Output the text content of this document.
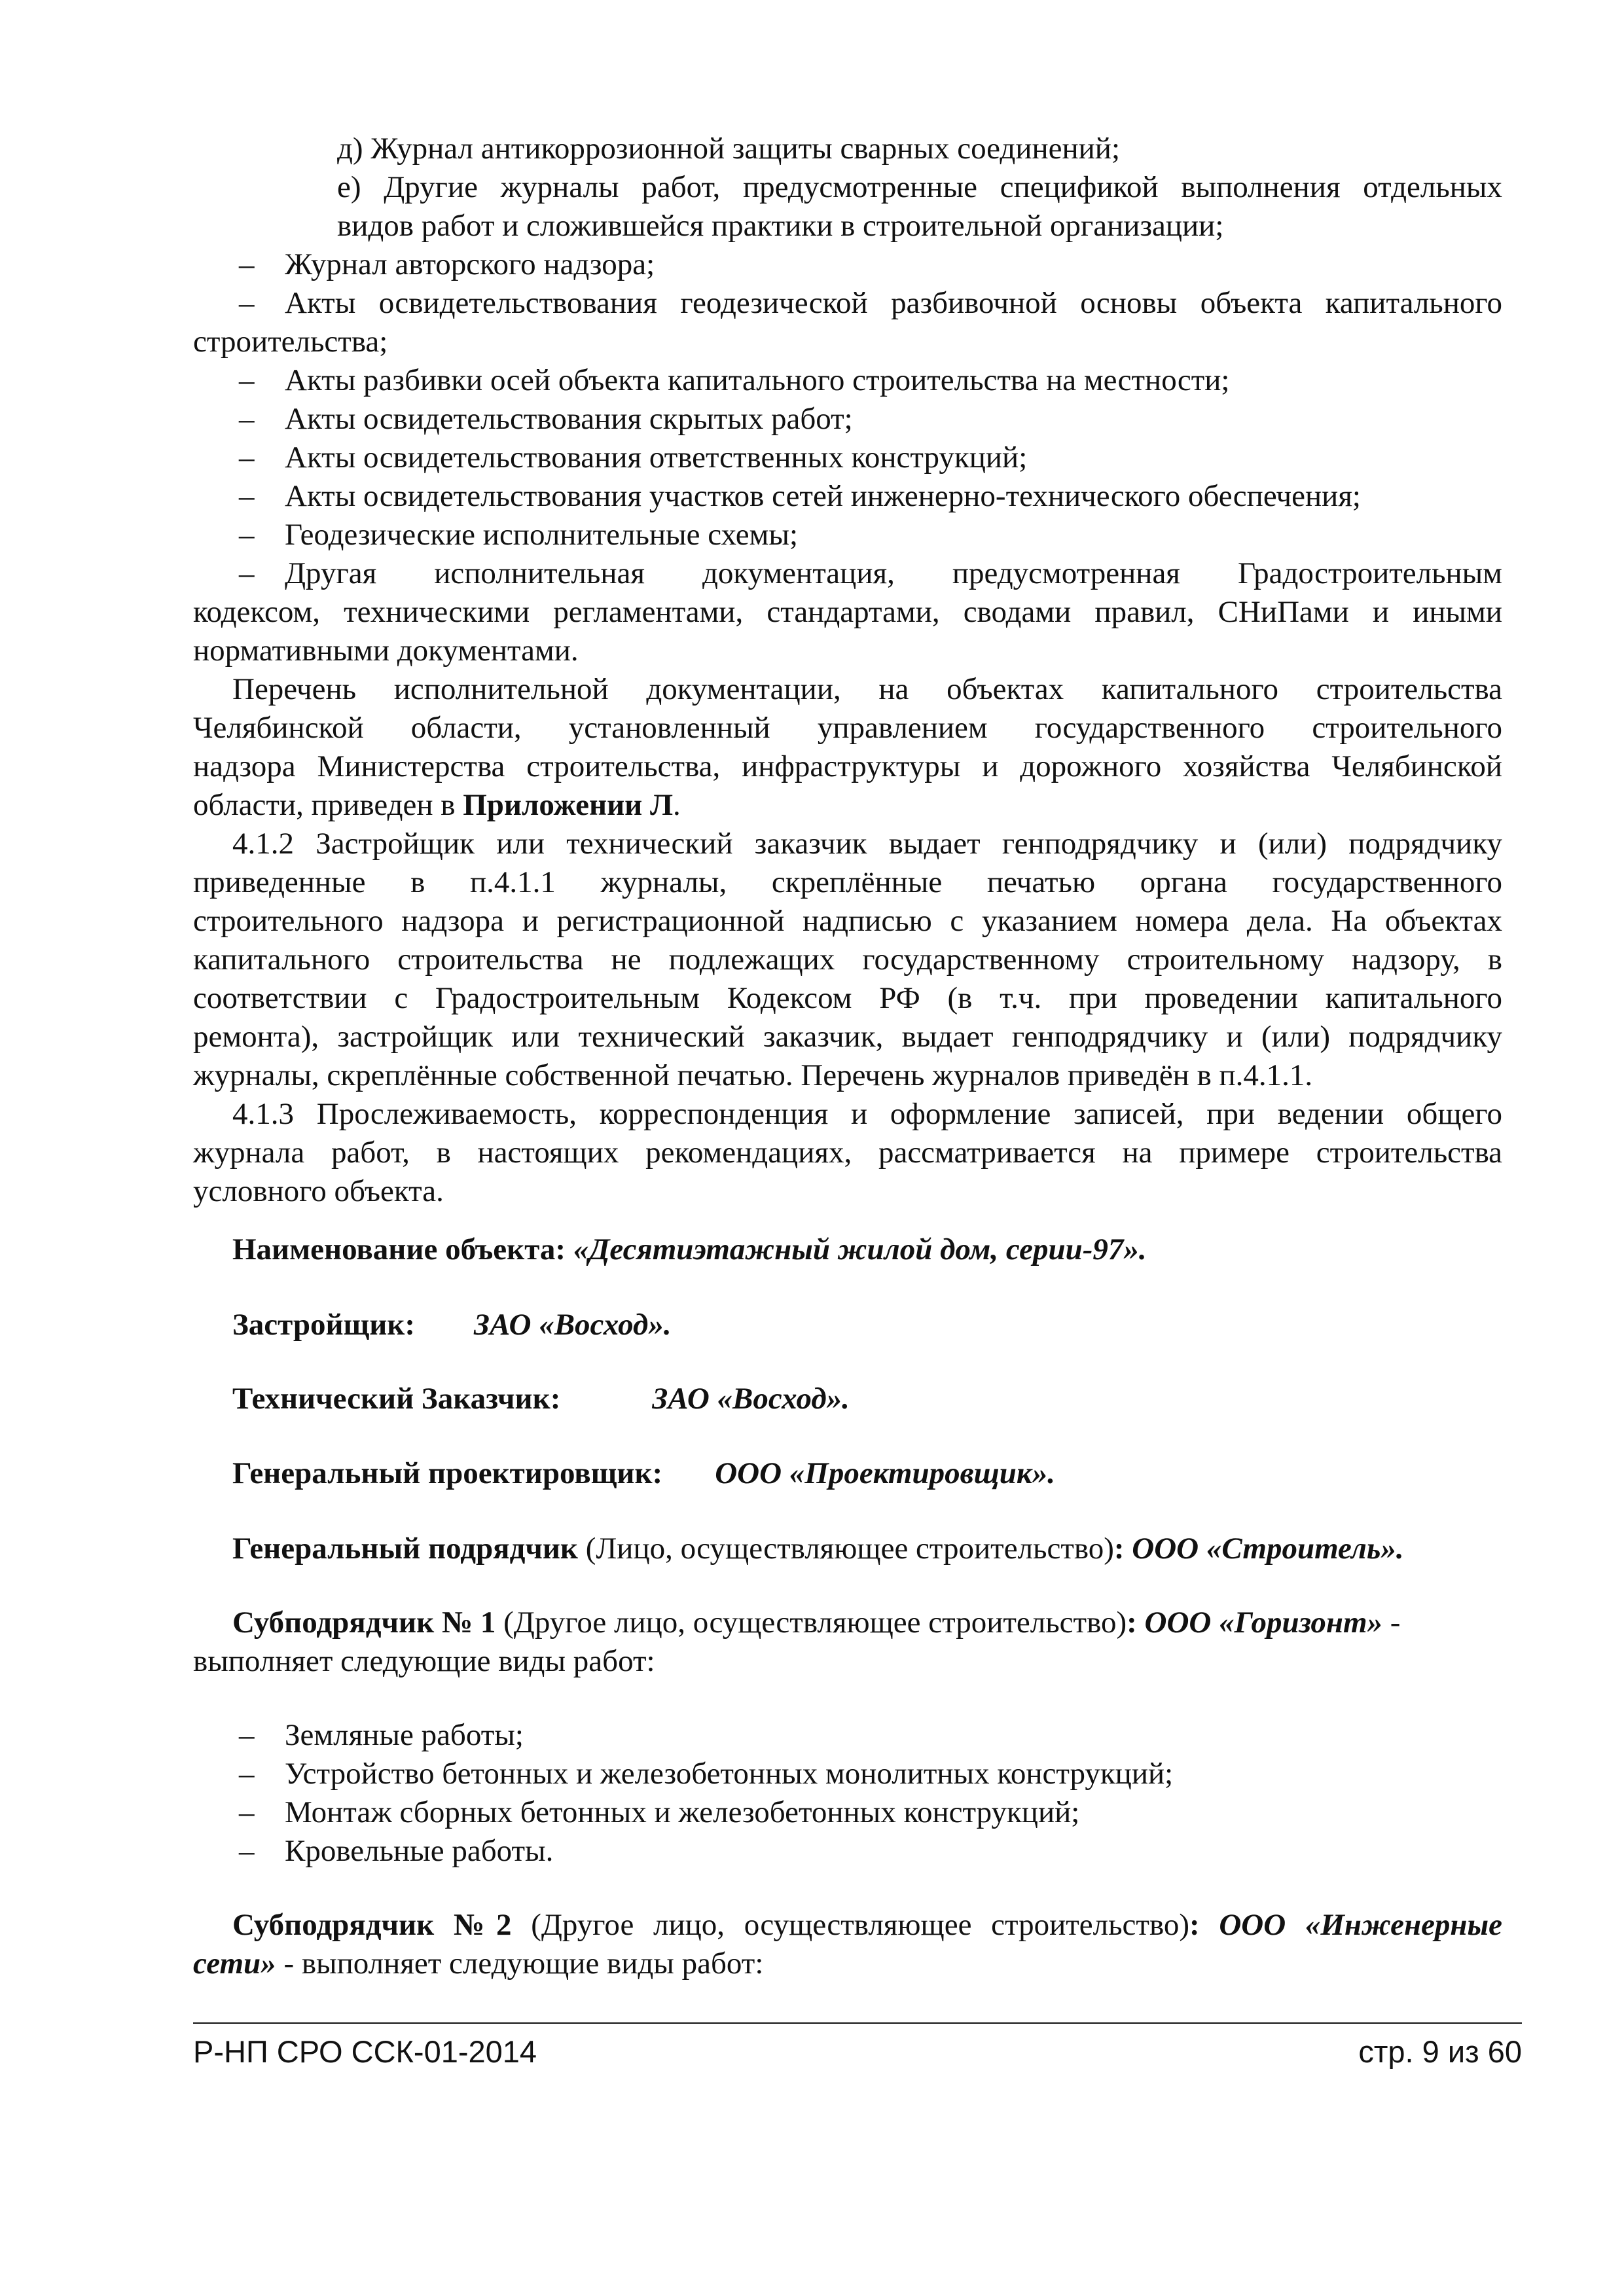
д) Журнал антикоррозионной защиты сварных соединений;
е) Другие журналы работ, предусмотренные спецификой выполнения отдельных
видов работ и сложившейся практики в строительной организации;
– Журнал авторского надзора;
– Акты освидетельствования геодезической разбивочной основы объекта капитального
строительства;
– Акты разбивки осей объекта капитального строительства на местности;
– Акты освидетельствования скрытых работ;
– Акты освидетельствования ответственных конструкций;
– Акты освидетельствования участков сетей инженерно-технического обеспечения;
– Геодезические исполнительные схемы;
– Другая исполнительная документация, предусмотренная Градостроительным
кодексом, техническими регламентами, стандартами, сводами правил, СНиПами и иными
нормативными документами.
Перечень исполнительной документации, на объектах капитального строительства
Челябинской области, установленный управлением государственного строительного
надзора Министерства строительства, инфраструктуры и дорожного хозяйства Челябинской
области, приведен в Приложении Л.
4.1.2 Застройщик или технический заказчик выдает генподрядчику и (или) подрядчику
приведенные в п.4.1.1 журналы, скреплённые печатью органа государственного
строительного надзора и регистрационной надписью с указанием номера дела. На объектах
капитального строительства не подлежащих государственному строительному надзору, в
соответствии с Градостроительным Кодексом РФ (в т.ч. при проведении капитального
ремонта), застройщик или технический заказчик, выдает генподрядчику и (или) подрядчику
журналы, скреплённые собственной печатью. Перечень журналов приведён в п.4.1.1.
4.1.3 Прослеживаемость, корреспонденция и оформление записей, при ведении общего
журнала работ, в настоящих рекомендациях, рассматривается на примере строительства
условного объекта.
Наименование объекта: «Десятиэтажный жилой дом, серии-97».
Застройщик: ЗАО «Восход».
Технический Заказчик:	ЗАО «Восход».
Генеральный проектировщик: ООО «Проектировщик».
Генеральный подрядчик (Лицо, осуществляющее строительство): ООО «Строитель».
Субподрядчик № 1 (Другое лицо, осуществляющее строительство): ООО «Горизонт» -
выполняет следующие виды работ:
– Земляные работы;
– Устройство бетонных и железобетонных монолитных конструкций;
– Монтаж сборных бетонных и железобетонных конструкций;
– Кровельные работы.
Субподрядчик №2 (Другое лицо, осуществляющее строительство): ООО «Инженерные
сети» - выполняет следующие виды работ:
Р-НП СРО ССК-01-2014	стр. 9 из 60
